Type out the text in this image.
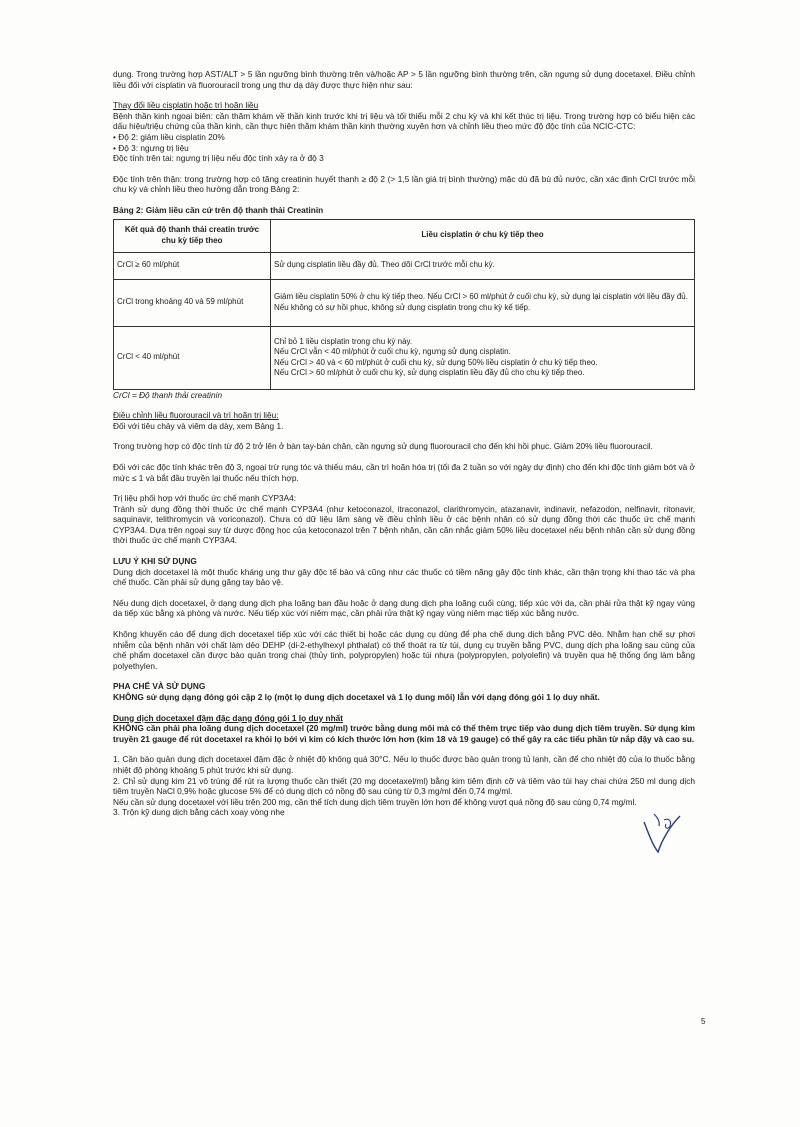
dụng. Trong trường hợp AST/ALT > 5 lần ngưỡng bình thường trên và/hoặc AP > 5 lần ngưỡng bình thường trên, cần ngưng sử dụng docetaxel. Điều chỉnh liều đối với cisplatin và fluorouracil trong ung thư dạ dày được thực hiện như sau:

Thay đổi liều cisplatin hoặc trì hoãn liều

Bệnh thần kinh ngoại biên: cần thăm khám về thần kinh trước khi trị liệu và tối thiểu mỗi 2 chu kỳ và khi kết thúc trị liệu. Trong trường hợp có biểu hiện các dấu hiệu/triệu chứng của thần kinh, cần thực hiện thăm khám thần kinh thường xuyên hơn và chỉnh liều theo mức độ độc tính của NCIC-CTC:

• Độ 2: giảm liều cisplatin 20%

• Độ 3: ngưng trị liệu

Độc tính trên tai: ngưng trị liệu nếu độc tính xảy ra ở độ 3

Độc tính trên thận: trong trường hợp có tăng creatinin huyết thanh ≥ độ 2 (> 1,5 lần giá trị bình thường) mặc dù đã bù đủ nước, cần xác định CrCl trước mỗi chu kỳ và chỉnh liều theo hướng dẫn trong Bảng 2:

Bảng 2: Giảm liều căn cứ trên độ thanh thải Creatinin

Kết quả độ thanh thải creatin trước chu kỳ tiếp theo	Liều cisplatin ở chu kỳ tiếp theo
CrCl ≥ 60 ml/phút	Sử dụng cisplatin liều đầy đủ. Theo dõi CrCl trước mỗi chu kỳ.
CrCl trong khoảng 40 và 59 ml/phút	Giảm liều cisplatin 50% ở chu kỳ tiếp theo. Nếu CrCl > 60 ml/phút ở cuối chu kỳ, sử dụng lại cisplatin với liều đầy đủ.
Nếu không có sự hồi phục, không sử dụng cisplatin trong chu kỳ kế tiếp.

CrCl < 40 ml/phút	Chỉ bỏ 1 liều cisplatin trong chu kỳ này.
Nếu CrCl vẫn < 40 ml/phút ở cuối chu kỳ, ngưng sử dụng cisplatin.
Nếu CrCl > 40 và < 60 ml/phút ở cuối chu kỳ, sử dụng 50% liều cisplatin ở chu kỳ tiếp theo.
Nếu CrCl > 60 ml/phút ở cuối chu kỳ, sử dụng cisplatin liều đầy đủ cho chu kỳ tiếp theo.

CrCl = Độ thanh thải creatinin

Điều chỉnh liều fluorouracil và trì hoãn trị liệu:

Đối với tiêu chảy và viêm dạ dày, xem Bảng 1.

Trong trường hợp có độc tính từ độ 2 trở lên ở bàn tay-bàn chân, cần ngưng sử dụng fluorouracil cho đến khi hồi phục. Giảm 20% liều fluorouracil.

Đối với các độc tính khác trên độ 3, ngoại trừ rụng tóc và thiếu máu, cần trì hoãn hóa trị (tối đa 2 tuần so với ngày dự định) cho đến khi độc tính giảm bớt và ở mức ≤ 1 và bắt đầu truyền lại thuốc nếu thích hợp.

Trị liệu phối hợp với thuốc ức chế mạnh CYP3A4:

Tránh sử dụng đồng thời thuốc ức chế mạnh CYP3A4 (như ketoconazol, itraconazol, clarithromycin, atazanavir, indinavir, nefazodon, nelfinavir, ritonavir, saquinavir, telithromycin và voriconazol). Chưa có dữ liệu lâm sàng về điều chỉnh liều ở các bệnh nhân có sử dụng đồng thời các thuốc ức chế mạnh CYP3A4. Dựa trên ngoại suy từ dược động học của ketoconazol trên 7 bệnh nhân, cần cân nhắc giảm 50% liều docetaxel nếu bệnh nhân cần sử dụng đồng thời thuốc ức chế mạnh CYP3A4.

LƯU Ý KHI SỬ DỤNG

Dung dịch docetaxel là một thuốc kháng ung thư gây độc tế bào và cũng như các thuốc có tiềm năng gây độc tính khác, cần thận trọng khi thao tác và pha chế thuốc. Cần phải sử dụng găng tay bảo vệ.

Nếu dung dịch docetaxel, ở dạng dung dịch pha loãng ban đầu hoặc ở dạng dung dịch pha loãng cuối cùng, tiếp xúc với da, cần phải rửa thật kỹ ngay vùng da tiếp xúc bằng xà phòng và nước. Nếu tiếp xúc với niêm mạc, cần phải rửa thật kỹ ngay vùng niêm mạc tiếp xúc bằng nước.

Không khuyến cáo để dung dịch docetaxel tiếp xúc với các thiết bị hoặc các dụng cụ dùng để pha chế dung dịch bằng PVC dẻo. Nhằm hạn chế sự phơi nhiễm của bệnh nhân với chất làm dẻo DEHP (di-2-ethylhexyl phthalat) có thể thoát ra từ túi, dụng cụ truyền bằng PVC, dung dịch pha loãng sau cùng của chế phẩm docetaxel cần được bảo quản trong chai (thủy tinh, polypropylen) hoặc túi nhựa (polypropylen, polyolefin) và truyền qua hệ thống ống làm bằng polyethylen.

PHA CHẾ VÀ SỬ DỤNG

KHÔNG sử dụng dạng đóng gói cặp 2 lọ (một lọ dung dịch docetaxel và 1 lọ dung môi) lẫn với dạng đóng gói 1 lọ duy nhất.

Dung dịch docetaxel đậm đặc dạng đóng gói 1 lọ duy nhất

KHÔNG cần phải pha loãng dung dịch docetaxel (20 mg/ml) trước bằng dung môi mà có thể thêm trực tiếp vào dung dịch tiêm truyền. Sử dụng kim truyền 21 gauge để rút docetaxel ra khỏi lọ bởi vì kim có kích thước lớn hơn (kim 18 và 19 gauge) có thể gây ra các tiểu phần từ nắp đậy và cao su.

1. Cần bảo quản dung dịch docetaxel đậm đặc ở nhiệt độ không quá 30°C. Nếu lọ thuốc được bảo quản trong tủ lạnh, cần để cho nhiệt độ của lọ thuốc bằng nhiệt độ phòng khoảng 5 phút trước khi sử dụng.

2. Chỉ sử dụng kim 21 vô trùng để rút ra lượng thuốc cần thiết (20 mg docetaxel/ml) bằng kim tiêm định cỡ và tiêm vào túi hay chai chứa 250 ml dung dịch tiêm truyền NaCl 0,9% hoặc glucose 5% để có dung dịch có nồng độ sau cùng từ 0,3 mg/ml đến 0,74 mg/ml.

Nếu cần sử dụng docetaxel với liều trên 200 mg, cần thể tích dung dịch tiêm truyền lớn hơn để không vượt quá nồng độ sau cùng 0,74 mg/ml.

3. Trộn kỹ dung dịch bằng cách xoay vòng nhẹ

5
